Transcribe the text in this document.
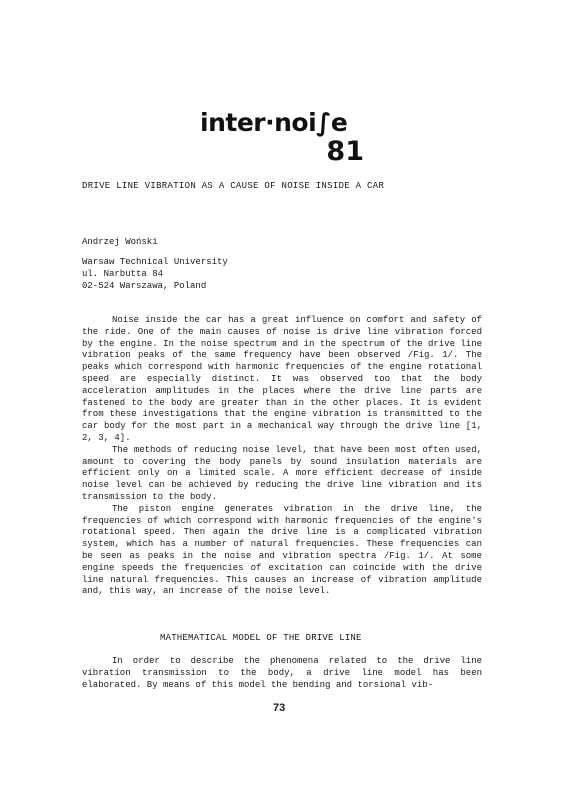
inter·noi∫e
81
DRIVE LINE VIBRATION AS A CAUSE OF NOISE INSIDE A CAR
Andrzej Woński
Warsaw Technical University
ul. Narbutta 84
02-524 Warszawa, Poland

Noise inside the car has a great influence on comfort and safety of the ride. One of the main causes of noise is drive line vibration forced by the engine. In the noise spectrum and in the spectrum of the drive line vibration peaks of the same frequency have been observed /Fig. 1/. The peaks which correspond with harmonic frequencies of the engine rotational speed are especially distinct. It was observed too that the body acceleration amplitudes in the places where the drive line parts are fastened to the body are greater than in the other places. It is evident from these investigations that the engine vibration is transmitted to the car body for the most part in a mechanical way through the drive line [1, 2, 3, 4].

The methods of reducing noise level, that have been most often used, amount to covering the body panels by sound insulation materials are efficient only on a limited scale. A more efficient decrease of inside noise level can be achieved by reducing the drive line vibration and its transmission to the body.

The piston engine generates vibration in the drive line, the frequencies of which correspond with harmonic frequencies of the engine's rotational speed. Then again the drive line is a complicated vibration system, which has a number of natural frequencies. These frequencies can be seen as peaks in the noise and vibration spectra /Fig. 1/. At some engine speeds the frequencies of excitation can coincide with the drive line natural frequencies. This causes an increase of vibration amplitude and, this way, an increase of the noise level.

MATHEMATICAL MODEL OF THE DRIVE LINE

In order to describe the phenomena related to the drive line vibration transmission to the body, a drive line model has been elaborated. By means of this model the bending and torsional vib-

73
